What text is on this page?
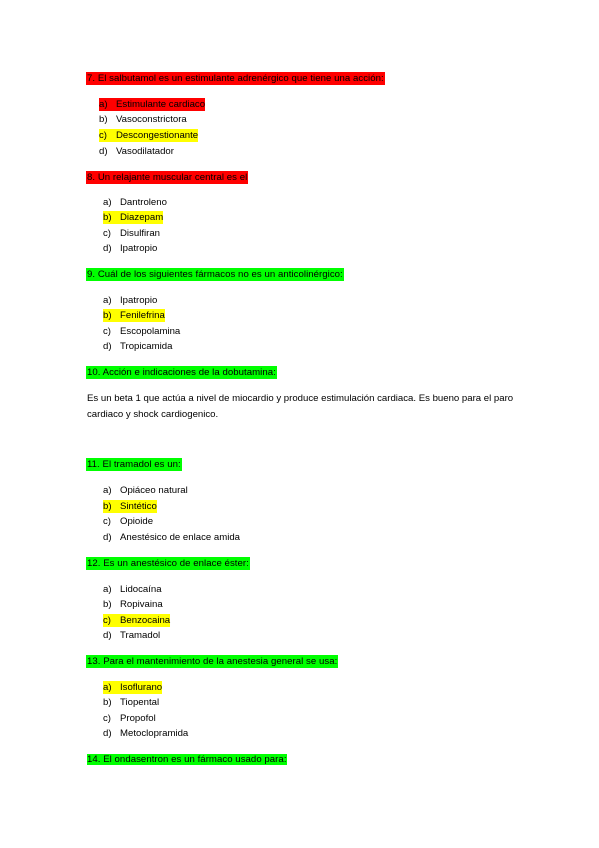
7. El salbutamol es un estimulante adrenérgico que tiene una acción:
a) Estimulante cardiaco
b) Vasoconstrictora
c) Descongestionante
d) Vasodilatador
8. Un relajante muscular central es el
a) Dantroleno
b) Diazepam
c) Disulfiran
d) Ipatropio
9. Cuál de los siguientes fármacos no es un anticolinérgico:
a) Ipatropio
b) Fenilefrina
c) Escopolamina
d) Tropicamida
10. Acción e indicaciones de la dobutamina:
Es un beta 1 que actúa a nivel de miocardio y produce estimulación cardiaca. Es bueno para el paro cardiaco y shock cardiogenico.
11. El tramadol es un:
a) Opiáceo natural
b) Sintético
c) Opioide
d) Anestésico de enlace amida
12. Es un anestésico de enlace éster:
a) Lidocaína
b) Ropivaina
c) Benzocaina
d) Tramadol
13. Para el mantenimiento de la anestesia general se usa:
a) Isoflurano
b) Tiopental
c) Propofol
d) Metoclopramida
14. El ondasentron es un fármaco usado para:
